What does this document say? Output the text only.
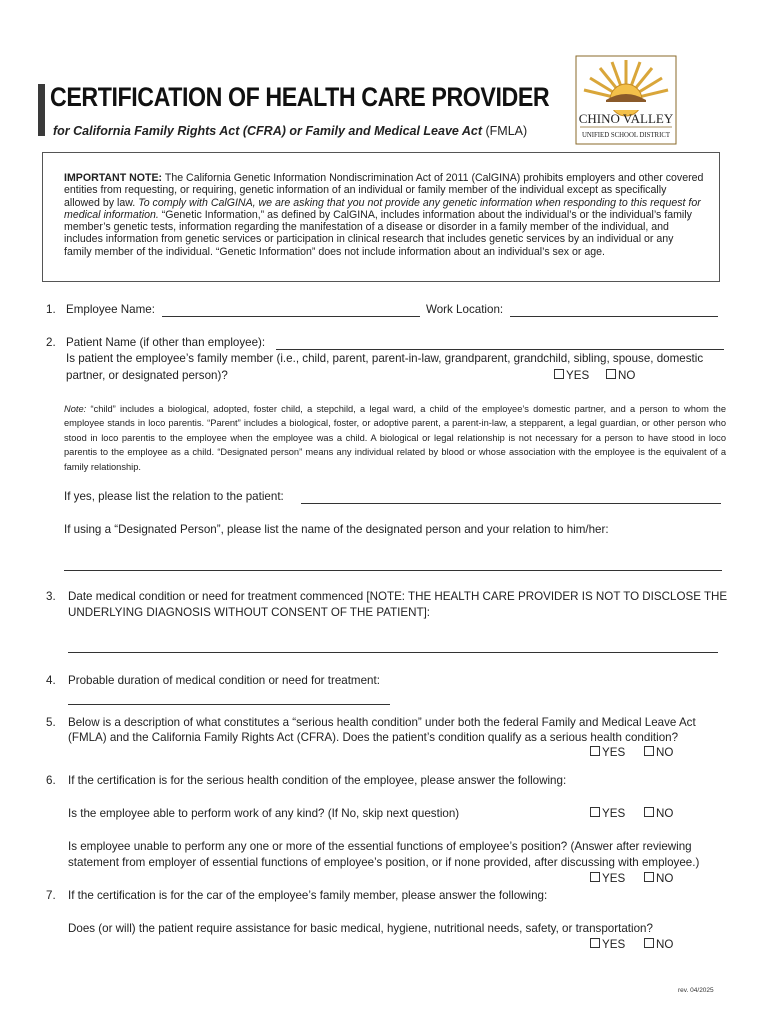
CERTIFICATION OF HEALTH CARE PROVIDER
for California Family Rights Act (CFRA) or Family and Medical Leave Act (FMLA)
CHINO VALLEY
UNIFIED SCHOOL DISTRICT
IMPORTANT NOTE: The California Genetic Information Nondiscrimination Act of 2011 (CalGINA) prohibits employers and other covered entities from requesting, or requiring, genetic information of an individual or family member of the individual except as specifically allowed by law. To comply with CalGINA, we are asking that you not provide any genetic information when responding to this request for medical information. “Genetic Information,” as defined by CalGINA, includes information about the individual’s or the individual’s family member’s genetic tests, information regarding the manifestation of a disease or disorder in a family member of the individual, and includes information from genetic services or participation in clinical research that includes genetic services by an individual or any family member of the individual. “Genetic Information” does not include information about an individual’s sex or age.
1. Employee Name:	Work Location:
2. Patient Name (if other than employee):
Is patient the employee’s family member (i.e., child, parent, parent-in-law, grandparent, grandchild, sibling, spouse, domestic
partner, or designated person)?	YES	NO
Note: “child” includes a biological, adopted, foster child, a stepchild, a legal ward, a child of the employee’s domestic partner, and a person to whom the employee stands in loco parentis. “Parent” includes a biological, foster, or adoptive parent, a parent-in-law, a stepparent, a legal guardian, or other person who stood in loco parentis to the employee when the employee was a child. A biological or legal relationship is not necessary for a person to have stood in loco parentis to the employee as a child. “Designated person” means any individual related by blood or whose association with the employee is the equivalent of a family relationship.
If yes, please list the relation to the patient:
If using a “Designated Person”, please list the name of the designated person and your relation to him/her:
3. Date medical condition or need for treatment commenced [NOTE: THE HEALTH CARE PROVIDER IS NOT TO DISCLOSE THE
UNDERLYING DIAGNOSIS WITHOUT CONSENT OF THE PATIENT]:
4. Probable duration of medical condition or need for treatment:
5. Below is a description of what constitutes a “serious health condition” under both the federal Family and Medical Leave Act
(FMLA) and the California Family Rights Act (CFRA). Does the patient’s condition qualify as a serious health condition?
YES	NO
6. If the certification is for the serious health condition of the employee, please answer the following:
Is the employee able to perform work of any kind? (If No, skip next question)	YES	NO
Is employee unable to perform any one or more of the essential functions of employee’s position? (Answer after reviewing
statement from employer of essential functions of employee’s position, or if none provided, after discussing with employee.)
YES	NO
7. If the certification is for the car of the employee’s family member, please answer the following:
Does (or will) the patient require assistance for basic medical, hygiene, nutritional needs, safety, or transportation?
YES	NO
rev. 04/2025
